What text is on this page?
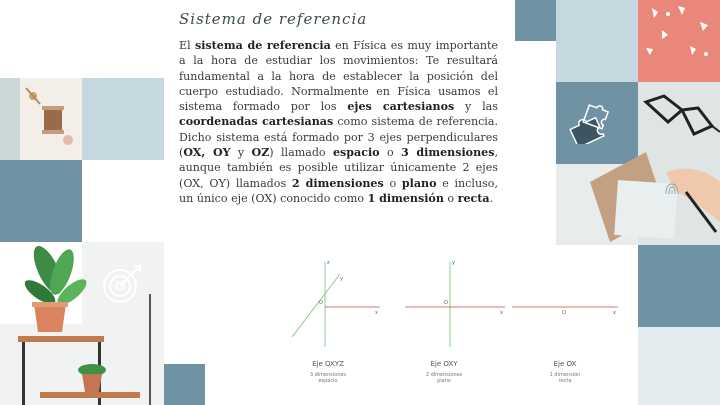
Sistema de referencia

El sistema de referencia en Física es muy importante a la hora de estudiar los movimientos: Te resultará fundamental a la hora de establecer la posición del cuerpo estudiado. Normalmente en Física usamos el sistema formado por los ejes cartesianos y las coordenadas cartesianas como sistema de referencia. Dicho sistema está formado por 3 ejes perpendiculares (OX, OY y OZ) llamado espacio o 3 dimensiones, aunque también es posible utilizar únicamente 2 ejes (OX, OY) llamados 2 dimensiones o plano e incluso, un único eje (OX) conocido como 1 dimensión o recta.

z
y
x
O
Eje OXYZ
3 dimensiones
espacio
y
x
O
Eje OXY
2 dimensiones
plano
x
O
Eje OX
1 dimensión
recta
